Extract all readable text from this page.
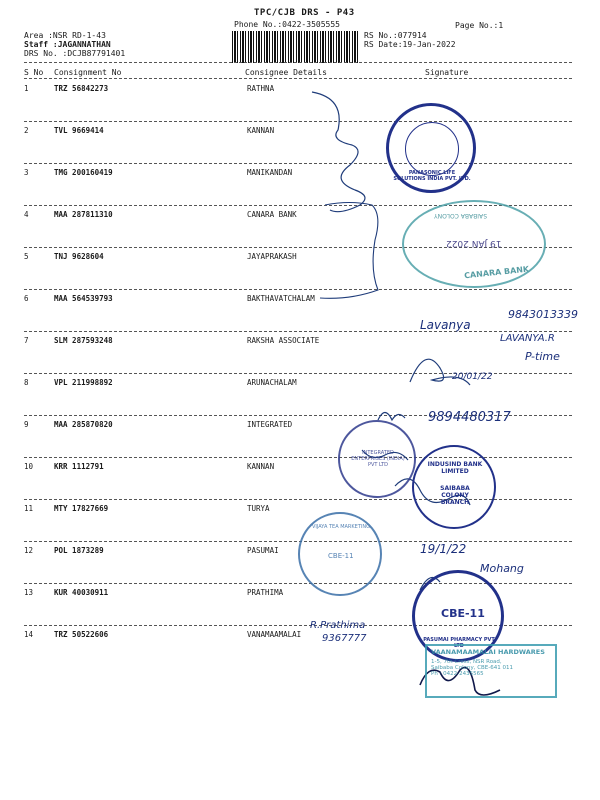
TPC/CJB DRS - P43
Phone No.:0422-3505555	Page No.:1
Area :NSR RD-1-43
Staff :JAGANNATHAN
DRS No. :DCJB87791401
RS No.:077914
RS Date:19-Jan-2022
S No Consignment No	Consignee Details	Signature
1	TRZ 56842273	RATHNA
2	TVL 9669414	KANNAN
3	TMG 200160419	MANIKANDAN
4	MAA 287811310	CANARA BANK
5	TNJ 9628604	JAYAPRAKASH
6	MAA 564539793	BAKTHAVATCHALAM
7	SLM 287593248	RAKSHA ASSOCIATE
8	VPL 211998892	ARUNACHALAM
9	MAA 285870820	INTEGRATED
10	KRR 1112791	KANNAN
11	MTY 17827669	TURYA
12	POL 1873289	PASUMAI
13	KUR 40030911	PRATHIMA
14	TRZ 50522606	VANAMAAMALAI
PANASONIC LIFE SOLUTIONS INDIA PVT. LTD.
SAIBABA COLONY
19 JAN 2022
CANARA BANK
INTEGRATED ENTERPRISES (INDIA) PVT LTD	INDUSIND BANK LIMITED
SAIBABA COLONY BRANCH
VIJAYA TEA MARKETING
CBE-11
CBE-11
PASUMAI PHARMACY PVT LTD
VAANAMAAMALAI HARDWARES
1-5, 7th Cross, NSR Road,
Saibaba Colony, CBE-641 011
Ph : 0422-2435565
Lavanya
9843013339
LAVANYA.R
P-time
20/01/22
9894480317
19/1/22
Mohang
R.Prathima
9367777
